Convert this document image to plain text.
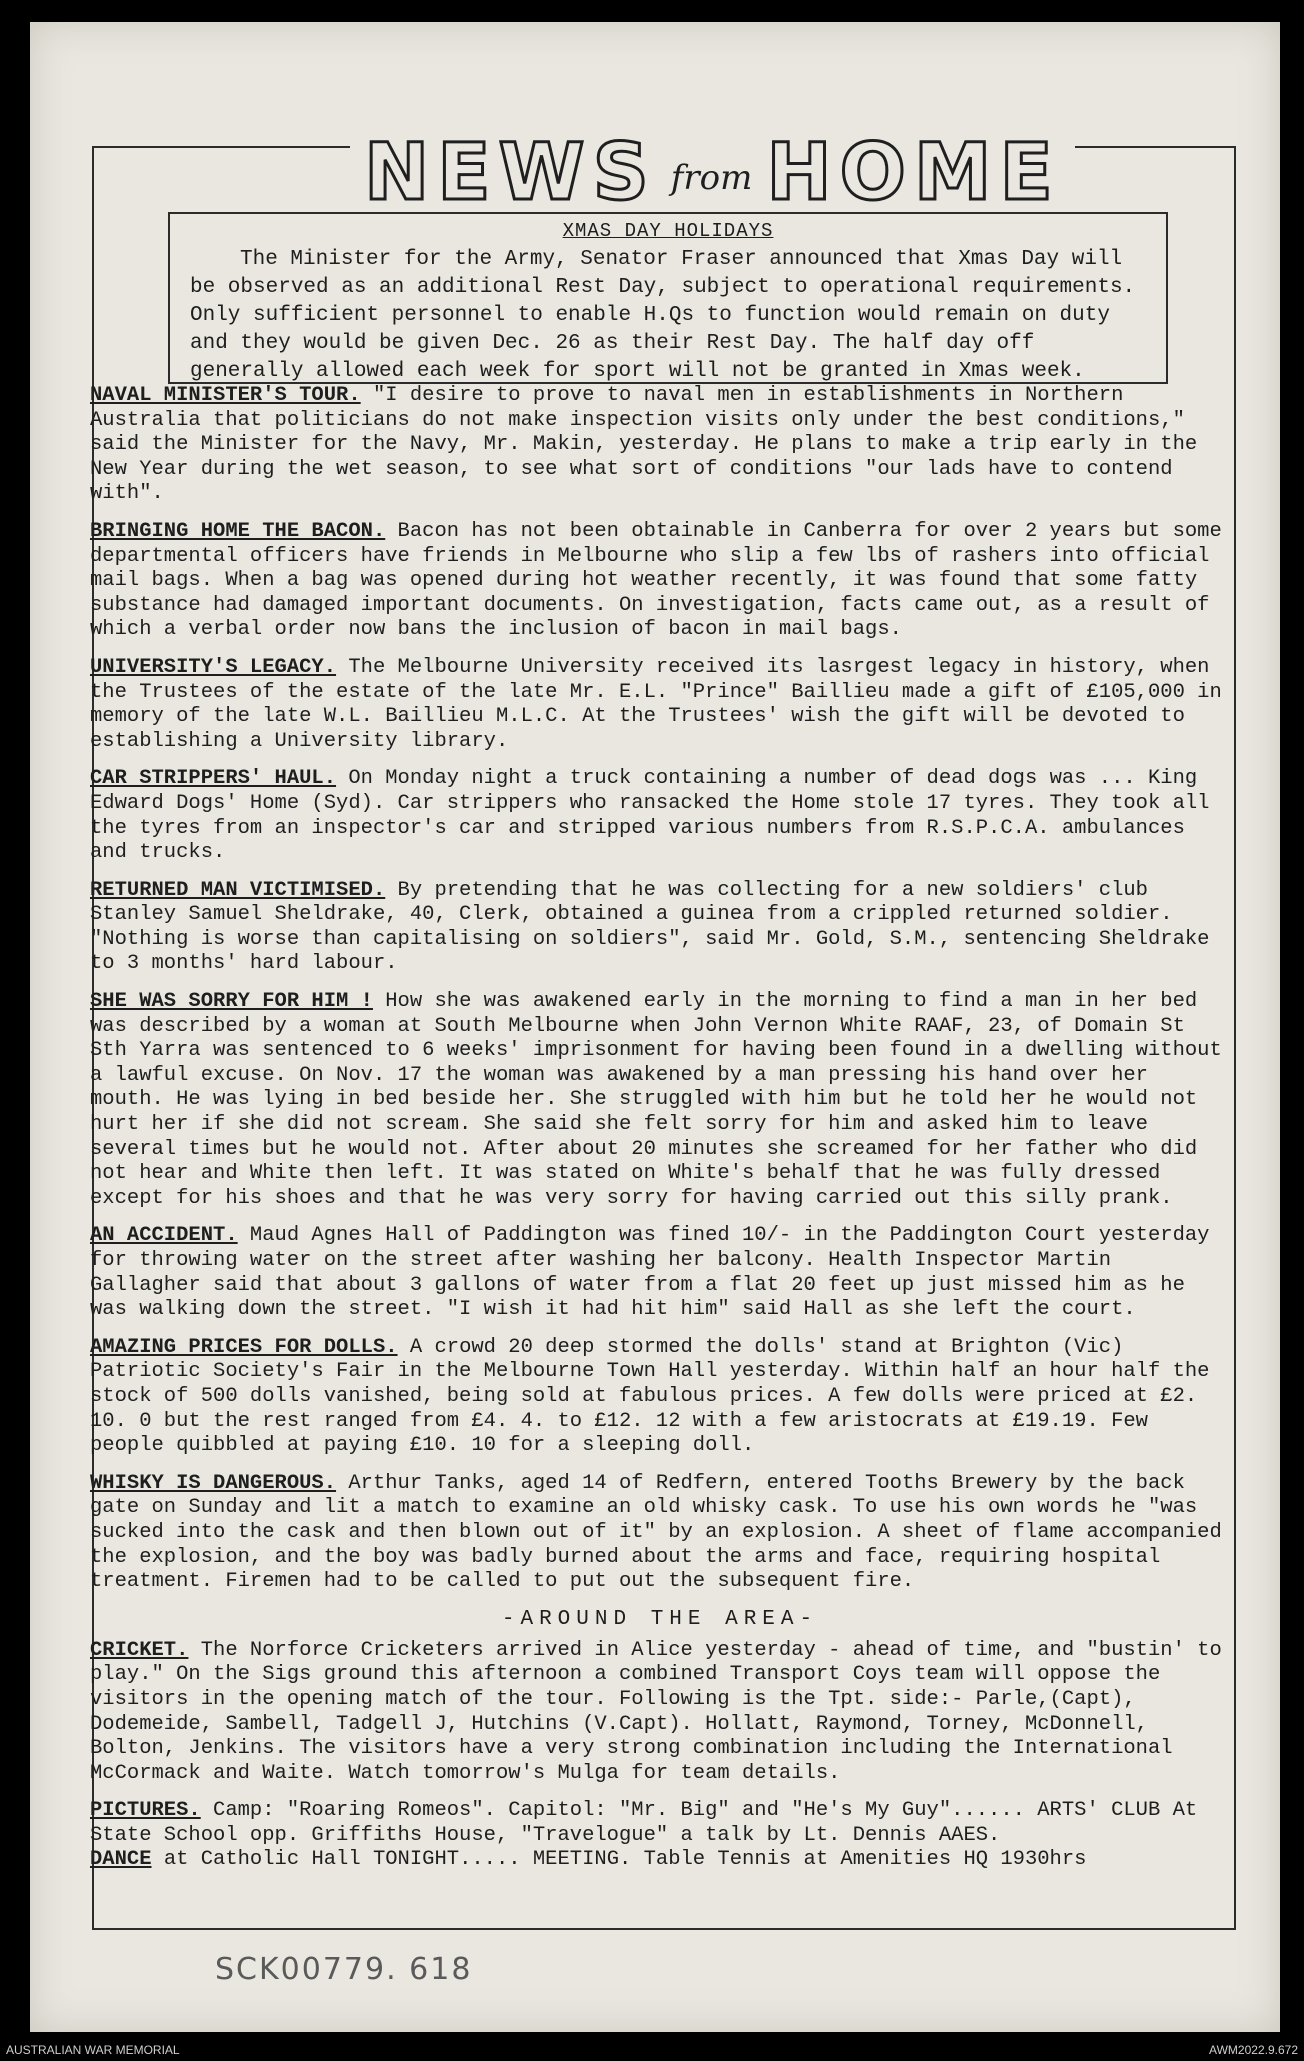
NEWS from HOME
XMAS DAY HOLIDAYS
The Minister for the Army, Senator Fraser announced that Xmas Day will be observed as an additional Rest Day, subject to operational requirements. Only sufficient personnel to enable H.Qs to function would remain on duty and they would be given Dec. 26 as their Rest Day. The half day off generally allowed each week for sport will not be granted in Xmas week.

NAVAL MINISTER'S TOUR. "I desire to prove to naval men in establishments in Northern Australia that politicians do not make inspection visits only under the best conditions," said the Minister for the Navy, Mr. Makin, yesterday. He plans to make a trip early in the New Year during the wet season, to see what sort of conditions "our lads have to contend with".

BRINGING HOME THE BACON. Bacon has not been obtainable in Canberra for over 2 years but some departmental officers have friends in Melbourne who slip a few lbs of rashers into official mail bags. When a bag was opened during hot weather recently, it was found that some fatty substance had damaged important documents. On investigation, facts came out, as a result of which a verbal order now bans the inclusion of bacon in mail bags.

UNIVERSITY'S LEGACY. The Melbourne University received its lasrgest legacy in history, when the Trustees of the estate of the late Mr. E.L. "Prince" Baillieu made a gift of £105,000 in memory of the late W.L. Baillieu M.L.C. At the Trustees' wish the gift will be devoted to establishing a University library.

CAR STRIPPERS' HAUL. On Monday night a truck containing a number of dead dogs was ... King Edward Dogs' Home (Syd). Car strippers who ransacked the Home stole 17 tyres. They took all the tyres from an inspector's car and stripped various numbers from R.S.P.C.A. ambulances and trucks.

RETURNED MAN VICTIMISED. By pretending that he was collecting for a new soldiers' club Stanley Samuel Sheldrake, 40, Clerk, obtained a guinea from a crippled returned soldier. "Nothing is worse than capitalising on soldiers", said Mr. Gold, S.M., sentencing Sheldrake to 3 months' hard labour.

SHE WAS SORRY FOR HIM ! How she was awakened early in the morning to find a man in her bed was described by a woman at South Melbourne when John Vernon White RAAF, 23, of Domain St Sth Yarra was sentenced to 6 weeks' imprisonment for having been found in a dwelling without a lawful excuse. On Nov. 17 the woman was awakened by a man pressing his hand over her mouth. He was lying in bed beside her. She struggled with him but he told her he would not hurt her if she did not scream. She said she felt sorry for him and asked him to leave several times but he would not. After about 20 minutes she screamed for her father who did not hear and White then left. It was stated on White's behalf that he was fully dressed except for his shoes and that he was very sorry for having carried out this silly prank.

AN ACCIDENT. Maud Agnes Hall of Paddington was fined 10/- in the Paddington Court yesterday for throwing water on the street after washing her balcony. Health Inspector Martin Gallagher said that about 3 gallons of water from a flat 20 feet up just missed him as he was walking down the street. "I wish it had hit him" said Hall as she left the court.

AMAZING PRICES FOR DOLLS. A crowd 20 deep stormed the dolls' stand at Brighton (Vic) Patriotic Society's Fair in the Melbourne Town Hall yesterday. Within half an hour half the stock of 500 dolls vanished, being sold at fabulous prices. A few dolls were priced at £2. 10. 0 but the rest ranged from £4. 4. to £12. 12 with a few aristocrats at £19.19. Few people quibbled at paying £10. 10 for a sleeping doll.

WHISKY IS DANGEROUS. Arthur Tanks, aged 14 of Redfern, entered Tooths Brewery by the back gate on Sunday and lit a match to examine an old whisky cask. To use his own words he "was sucked into the cask and then blown out of it" by an explosion. A sheet of flame accompanied the explosion, and the boy was badly burned about the arms and face, requiring hospital treatment. Firemen had to be called to put out the subsequent fire.

-AROUND THE AREA-

CRICKET. The Norforce Cricketers arrived in Alice yesterday - ahead of time, and "bustin' to play." On the Sigs ground this afternoon a combined Transport Coys team will oppose the visitors in the opening match of the tour. Following is the Tpt. side:- Parle,(Capt), Dodemeide, Sambell, Tadgell J, Hutchins (V.Capt). Hollatt, Raymond, Torney, McDonnell, Bolton, Jenkins. The visitors have a very strong combination including the International McCormack and Waite. Watch tomorrow's Mulga for team details.

PICTURES. Camp: "Roaring Romeos". Capitol: "Mr. Big" and "He's My Guy"...... ARTS' CLUB At State School opp. Griffiths House, "Travelogue" a talk by Lt. Dennis AAES.

DANCE at Catholic Hall TONIGHT..... MEETING. Table Tennis at Amenities HQ 1930hrs

SCK00779. 618
AUSTRALIAN WAR MEMORIAL	AWM2022.9.672
